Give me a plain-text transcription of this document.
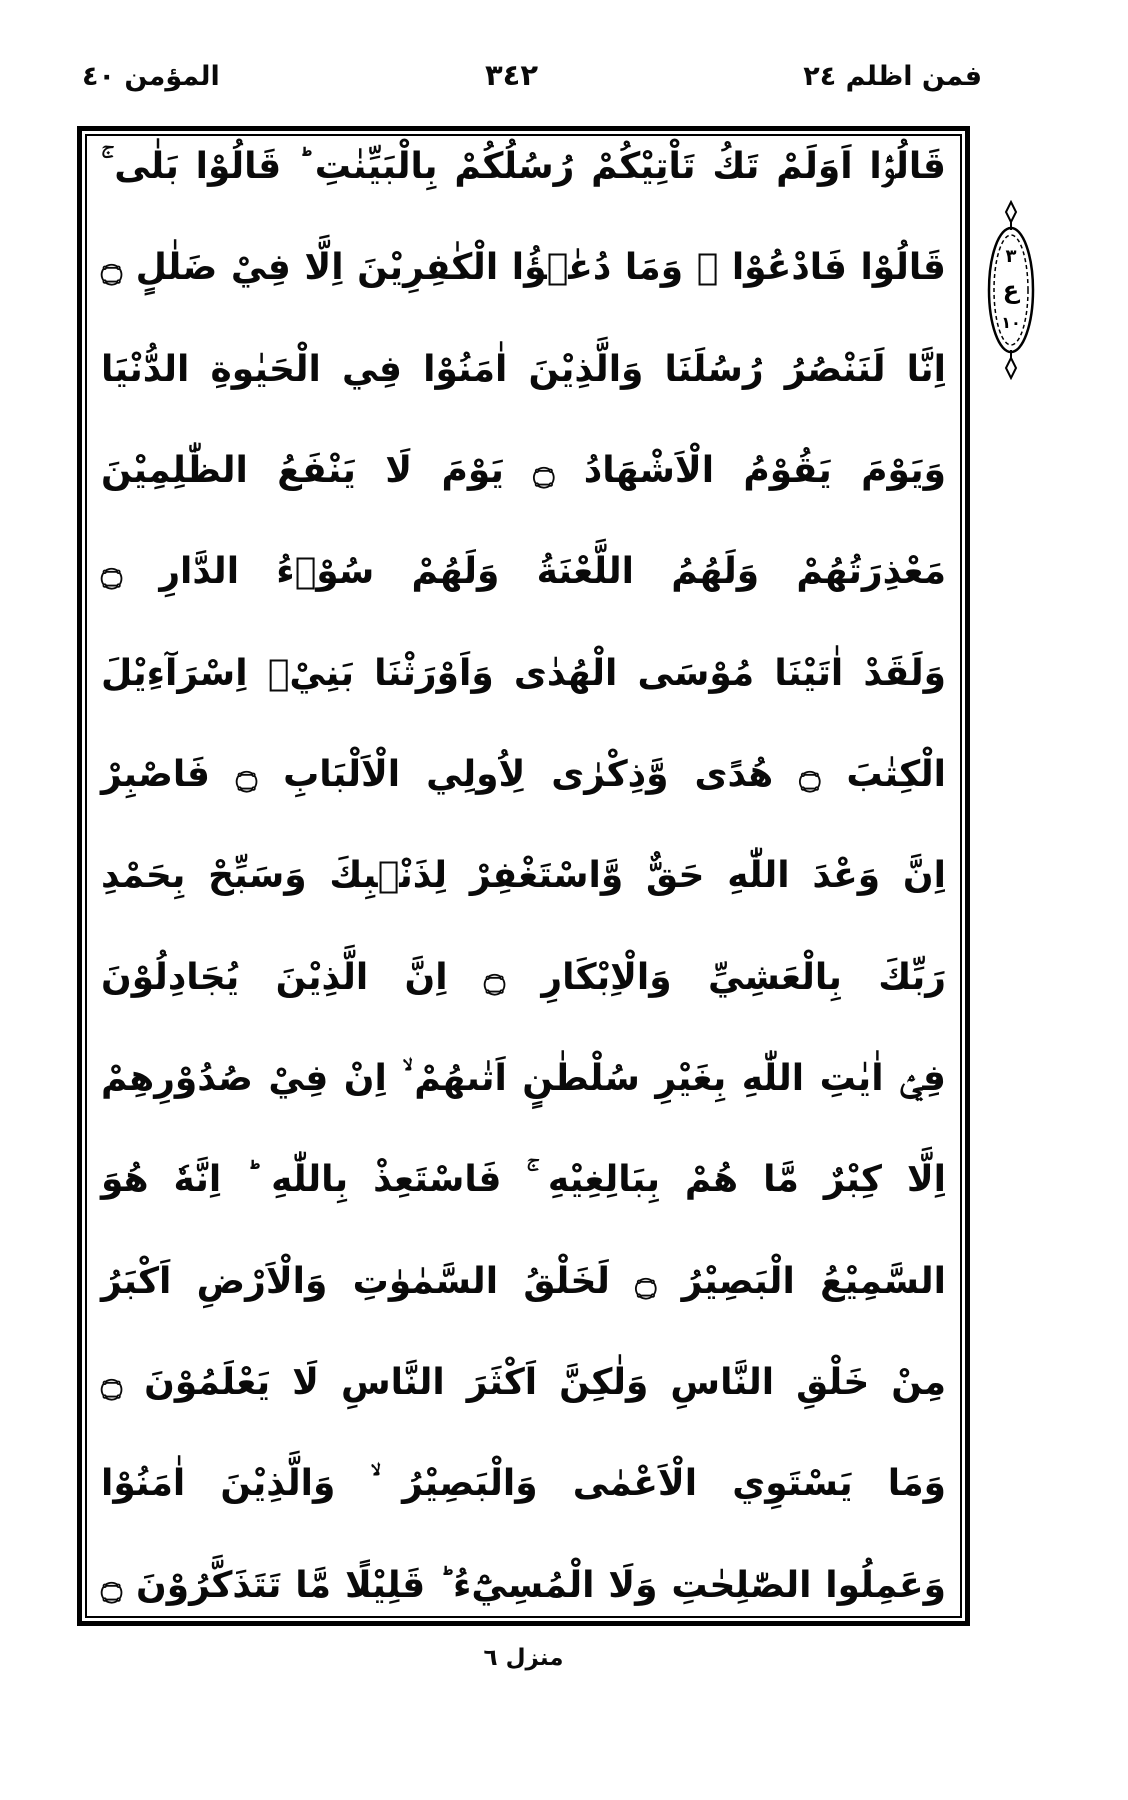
المؤمن ٤٠	٣٤٢	فمن اظلم ٢٤
٣
ع
١٠
قَالُوْۤا اَوَلَمْ تَكُ تَاْتِيْكُمْ رُسُلُكُمْ بِالْبَيِّنٰتِ ؕ قَالُوْا بَلٰى ۚ
قَالُوْا فَادْعُوْا ۚ وَمَا دُعٰۤؤُا الْكٰفِرِيْنَ اِلَّا فِيْ ضَلٰلٍ ۝
اِنَّا لَنَنْصُرُ رُسُلَنَا وَالَّذِيْنَ اٰمَنُوْا فِي الْحَيٰوةِ الدُّنْيَا
وَيَوْمَ يَقُوْمُ الْاَشْهَادُ ۝ يَوْمَ لَا يَنْفَعُ الظّٰلِمِيْنَ
مَعْذِرَتُهُمْ وَلَهُمُ اللَّعْنَةُ وَلَهُمْ سُوْۤءُ الدَّارِ ۝
وَلَقَدْ اٰتَيْنَا مُوْسَى الْهُدٰى وَاَوْرَثْنَا بَنِيْۤ اِسْرَآءِيْلَ
الْكِتٰبَ ۝ هُدًى وَّذِكْرٰى لِاُولِي الْاَلْبَابِ ۝ فَاصْبِرْ
اِنَّ وَعْدَ اللّٰهِ حَقٌّ وَّاسْتَغْفِرْ لِذَنْۢبِكَ وَسَبِّحْ بِحَمْدِ
رَبِّكَ بِالْعَشِيِّ وَالْاِبْكَارِ ۝ اِنَّ الَّذِيْنَ يُجَادِلُوْنَ
فِيْۤ اٰيٰتِ اللّٰهِ بِغَيْرِ سُلْطٰنٍ اَتٰىهُمْ ۙ اِنْ فِيْ صُدُوْرِهِمْ
اِلَّا كِبْرٌ مَّا هُمْ بِبَالِغِيْهِ ۚ فَاسْتَعِذْ بِاللّٰهِ ؕ اِنَّهٗ هُوَ
السَّمِيْعُ الْبَصِيْرُ ۝ لَخَلْقُ السَّمٰوٰتِ وَالْاَرْضِ اَكْبَرُ
مِنْ خَلْقِ النَّاسِ وَلٰكِنَّ اَكْثَرَ النَّاسِ لَا يَعْلَمُوْنَ ۝
وَمَا يَسْتَوِي الْاَعْمٰى وَالْبَصِيْرُ ۙ وَالَّذِيْنَ اٰمَنُوْا
وَعَمِلُوا الصّٰلِحٰتِ وَلَا الْمُسِيْٓءُ ؕ قَلِيْلًا مَّا تَتَذَكَّرُوْنَ ۝
منزل ٦
